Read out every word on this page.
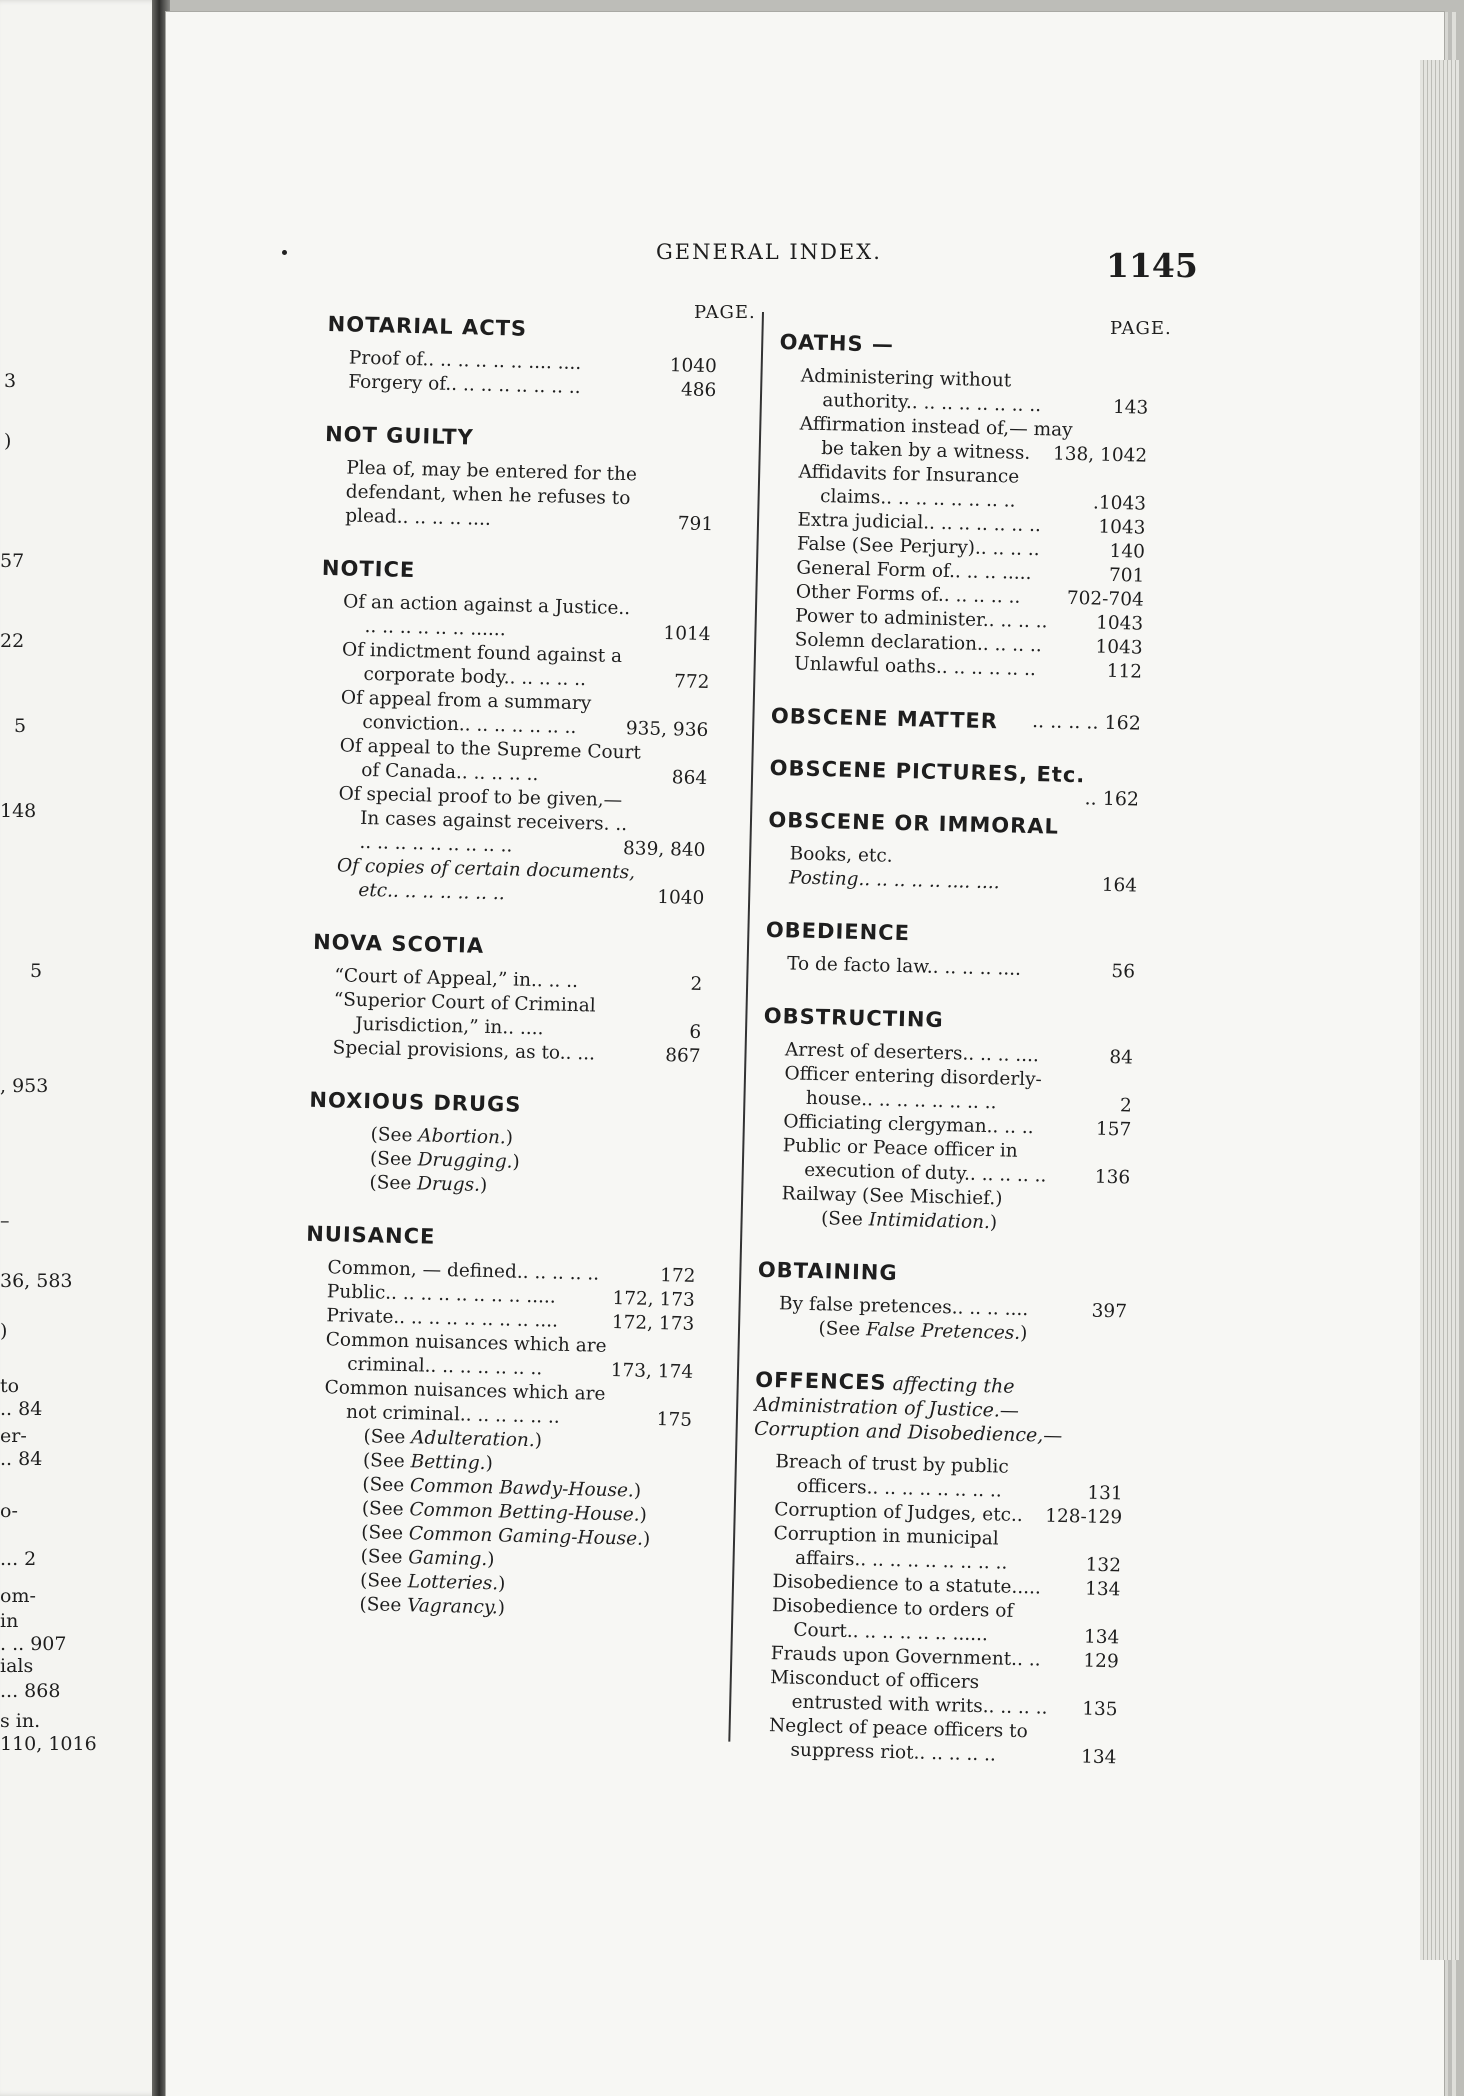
3
)
57
22
5
148
5
, 953
–
36, 583
)
to
.. 84
er-
.. 84
o-
... 2
om-
in
. .. 907
ials
... 868
s in.
110, 1016
GENERAL INDEX.	1145
PAGE.
PAGE.
NOTARIAL ACTS
Proof of.. .. .. .. .. .. .... ....	1040
Forgery of.. .. .. .. .. .. .. ..	486
NOT GUILTY
Plea of, may be entered for the defendant, when he refuses to plead.. .. .. .. ....	791
NOTICE
Of an action against a Justice.. .. .. .. .. .. .. ......	1014
Of indictment found against a corporate body.. .. .. .. ..	772
Of appeal from a summary conviction.. .. .. .. .. .. ..	935, 936
Of appeal to the Supreme Court of Canada.. .. .. .. ..	864
Of special proof to be given,— In cases against receivers. .. .. .. .. .. .. .. .. .. ..	839, 840
Of copies of certain documents, etc.. .. .. .. .. .. ..	1040
NOVA SCOTIA
“Court of Appeal,” in.. .. ..	2
“Superior Court of Criminal Jurisdiction,” in.. ....	6
Special provisions, as to.. ...	867
NOXIOUS DRUGS
(See Abortion.)
(See Drugging.)
(See Drugs.)
NUISANCE
Common, — defined.. .. .. .. ..	172
Public.. .. .. .. .. .. .. .. .....	172, 173
Private.. .. .. .. .. .. .. .. ....	172, 173
Common nuisances which are criminal.. .. .. .. .. .. ..	173, 174
Common nuisances which are not criminal.. .. .. .. .. ..	175
(See Adulteration.)
(See Betting.)
(See Common Bawdy-House.)
(See Common Betting-House.)
(See Common Gaming-House.)
(See Gaming.)
(See Lotteries.)
(See Vagrancy.)
OATHS —
Administering without authority.. .. .. .. .. .. .. ..	143
Affirmation instead of,— may be taken by a witness. 138, 1042
Affidavits for Insurance claims.. .. .. .. .. .. .. ..	.1043
Extra judicial.. .. .. .. .. .. ..	1043
False (See Perjury).. .. .. ..	140
General Form of.. .. .. .....	701
Other Forms of.. .. .. .. .. 702-704
Power to administer.. .. .. ..	1043
Solemn declaration.. .. .. ..	1043
Unlawful oaths.. .. .. .. .. ..	112
OBSCENE MATTER .. .. .. .. 162
OBSCENE PICTURES, Etc.
.. 162
OBSCENE OR IMMORAL
Books, etc.
Posting.. .. .. .. .. .... ....	164
OBEDIENCE
To de facto law.. .. .. .. ....	56
OBSTRUCTING
Arrest of deserters.. .. .. ....	84
Officer entering disorderly-house.. .. .. .. .. .. .. ..	2
Officiating clergyman.. .. ..	157
Public or Peace officer in execution of duty.. .. .. .. ..	136
Railway (See Mischief.)
(See Intimidation.)
OBTAINING
By false pretences.. .. .. ....	397
(See False Pretences.)
OFFENCES affecting the Administration of Justice.— Corruption and Disobedience,—
Breach of trust by public officers.. .. .. .. .. .. .. ..	131
Corruption of Judges, etc.. 128-129
Corruption in municipal affairs.. .. .. .. .. .. .. .. ..	132
Disobedience to a statute..... 134
Disobedience to orders of Court.. .. .. .. .. .. ......	134
Frauds upon Government.. .. 129
Misconduct of officers entrusted with writs.. .. .. .. 135
Neglect of peace officers to suppress riot.. .. .. .. ..	134
